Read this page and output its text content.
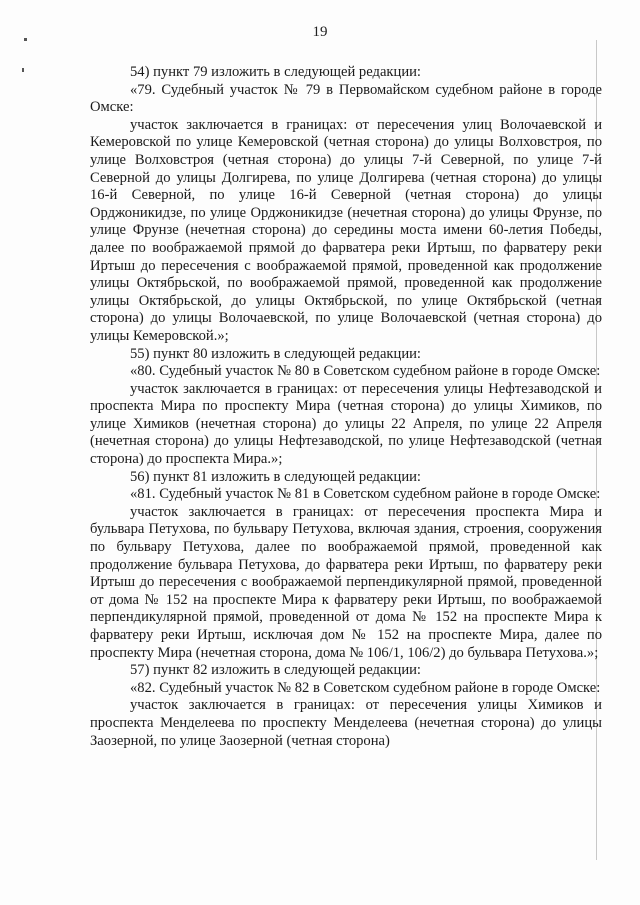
19

54) пункт 79 изложить в следующей редакции:

«79. Судебный участок № 79 в Первомайском судебном районе в городе Омске:

участок заключается в границах: от пересечения улиц Волочаевской и Кемеровской по улице Кемеровской (четная сторона) до улицы Волховстроя, по улице Волховстроя (четная сторона) до улицы 7-й Северной, по улице 7-й Северной до улицы Долгирева, по улице Долгирева (четная сторона) до улицы 16-й Северной, по улице 16-й Северной (четная сторона) до улицы Орджоникидзе, по улице Орджоникидзе (нечетная сторона) до улицы Фрунзе, по улице Фрунзе (нечетная сторона) до середины моста имени 60-летия Победы, далее по воображаемой прямой до фарватера реки Иртыш, по фарватеру реки Иртыш до пересечения с воображаемой прямой, проведенной как продолжение улицы Октябрьской, по воображаемой прямой, проведенной как продолжение улицы Октябрьской, до улицы Октябрьской, по улице Октябрьской (четная сторона) до улицы Волочаевской, по улице Волочаевской (четная сторона) до улицы Кемеровской.»;

55) пункт 80 изложить в следующей редакции:

«80. Судебный участок № 80 в Советском судебном районе в городе Омске:

участок заключается в границах: от пересечения улицы Нефтезаводской и проспекта Мира по проспекту Мира (четная сторона) до улицы Химиков, по улице Химиков (нечетная сторона) до улицы 22 Апреля, по улице 22 Апреля (нечетная сторона) до улицы Нефтезаводской, по улице Нефтезаводской (четная сторона) до проспекта Мира.»;

56) пункт 81 изложить в следующей редакции:

«81. Судебный участок № 81 в Советском судебном районе в городе Омске:

участок заключается в границах: от пересечения проспекта Мира и бульвара Петухова, по бульвару Петухова, включая здания, строения, сооружения по бульвару Петухова, далее по воображаемой прямой, проведенной как продолжение бульвара Петухова, до фарватера реки Иртыш, по фарватеру реки Иртыш до пересечения с воображаемой перпендикулярной прямой, проведенной от дома № 152 на проспекте Мира к фарватеру реки Иртыш, по воображаемой перпендикулярной прямой, проведенной от дома № 152 на проспекте Мира к фарватеру реки Иртыш, исключая дом № 152 на проспекте Мира, далее по проспекту Мира (нечетная сторона, дома № 106/1, 106/2) до бульвара Петухова.»;

57) пункт 82 изложить в следующей редакции:

«82. Судебный участок № 82 в Советском судебном районе в городе Омске:

участок заключается в границах: от пересечения улицы Химиков и проспекта Менделеева по проспекту Менделеева (нечетная сторона) до улицы Заозерной, по улице Заозерной (четная сторона)
